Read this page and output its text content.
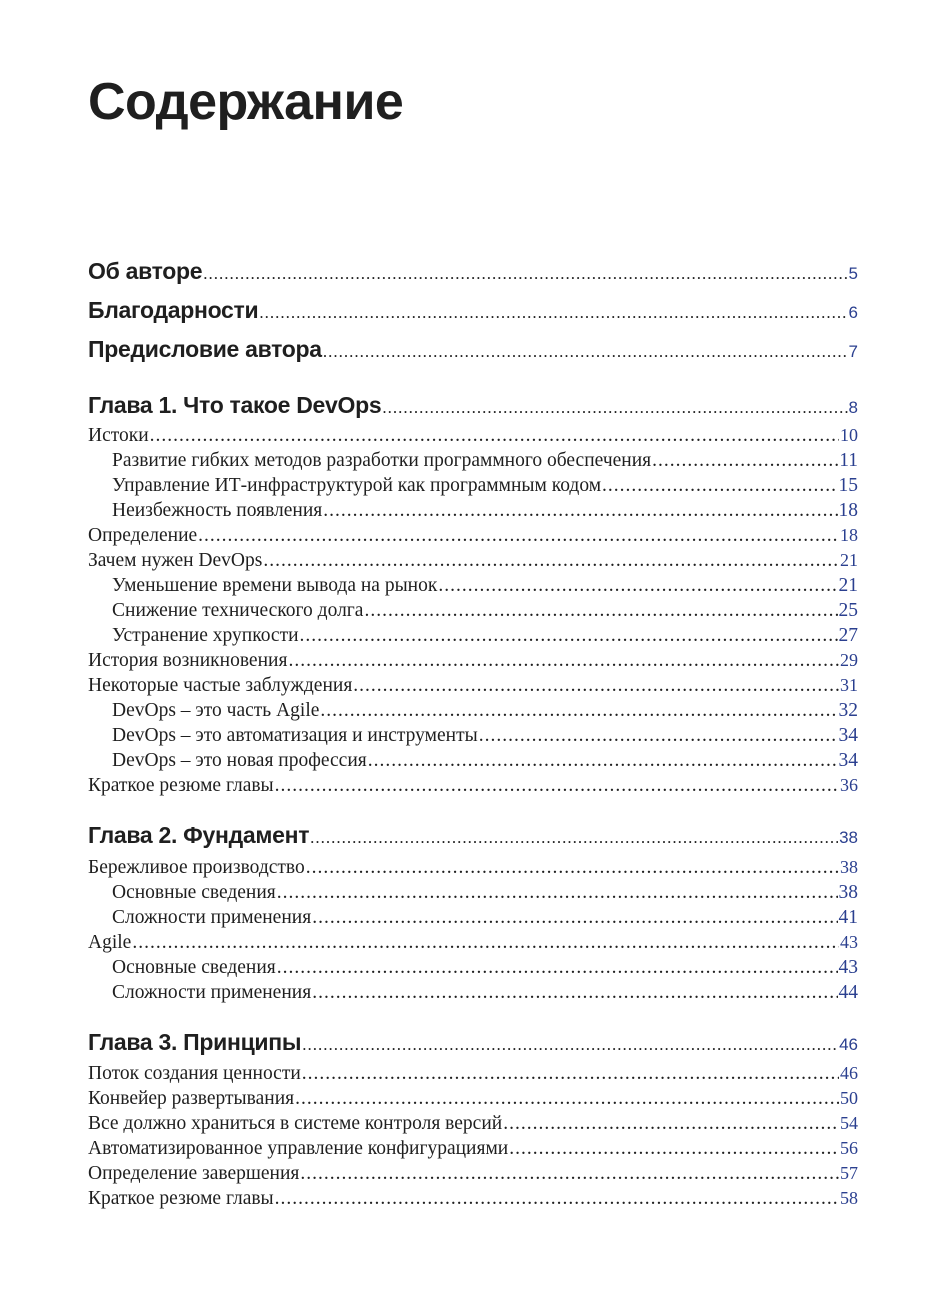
Содержание
Об авторе .....	5
Благодарности .....	6
Предисловие автора .....	7
Глава 1. Что такое DevOps .....	8
Истоки .....	10
Развитие гибких методов разработки программного обеспечения .....	11
Управление ИТ-инфраструктурой как программным кодом .....	15
Неизбежность появления .....	18
Определение .....	18
Зачем нужен DevOps .....	21
Уменьшение времени вывода на рынок .....	21
Снижение технического долга .....	25
Устранение хрупкости .....	27
История возникновения .....	29
Некоторые частые заблуждения .....	31
DevOps – это часть Agile .....	32
DevOps – это автоматизация и инструменты .....	34
DevOps – это новая профессия .....	34
Краткое резюме главы .....	36
Глава 2. Фундамент .....	38
Бережливое производство .....	38
Основные сведения .....	38
Сложности применения .....	41
Agile .....	43
Основные сведения .....	43
Сложности применения .....	44
Глава 3. Принципы .....	46
Поток создания ценности .....	46
Конвейер развертывания .....	50
Все должно храниться в системе контроля версий .....	54
Автоматизированное управление конфигурациями .....	56
Определение завершения .....	57
Краткое резюме главы .....	58
